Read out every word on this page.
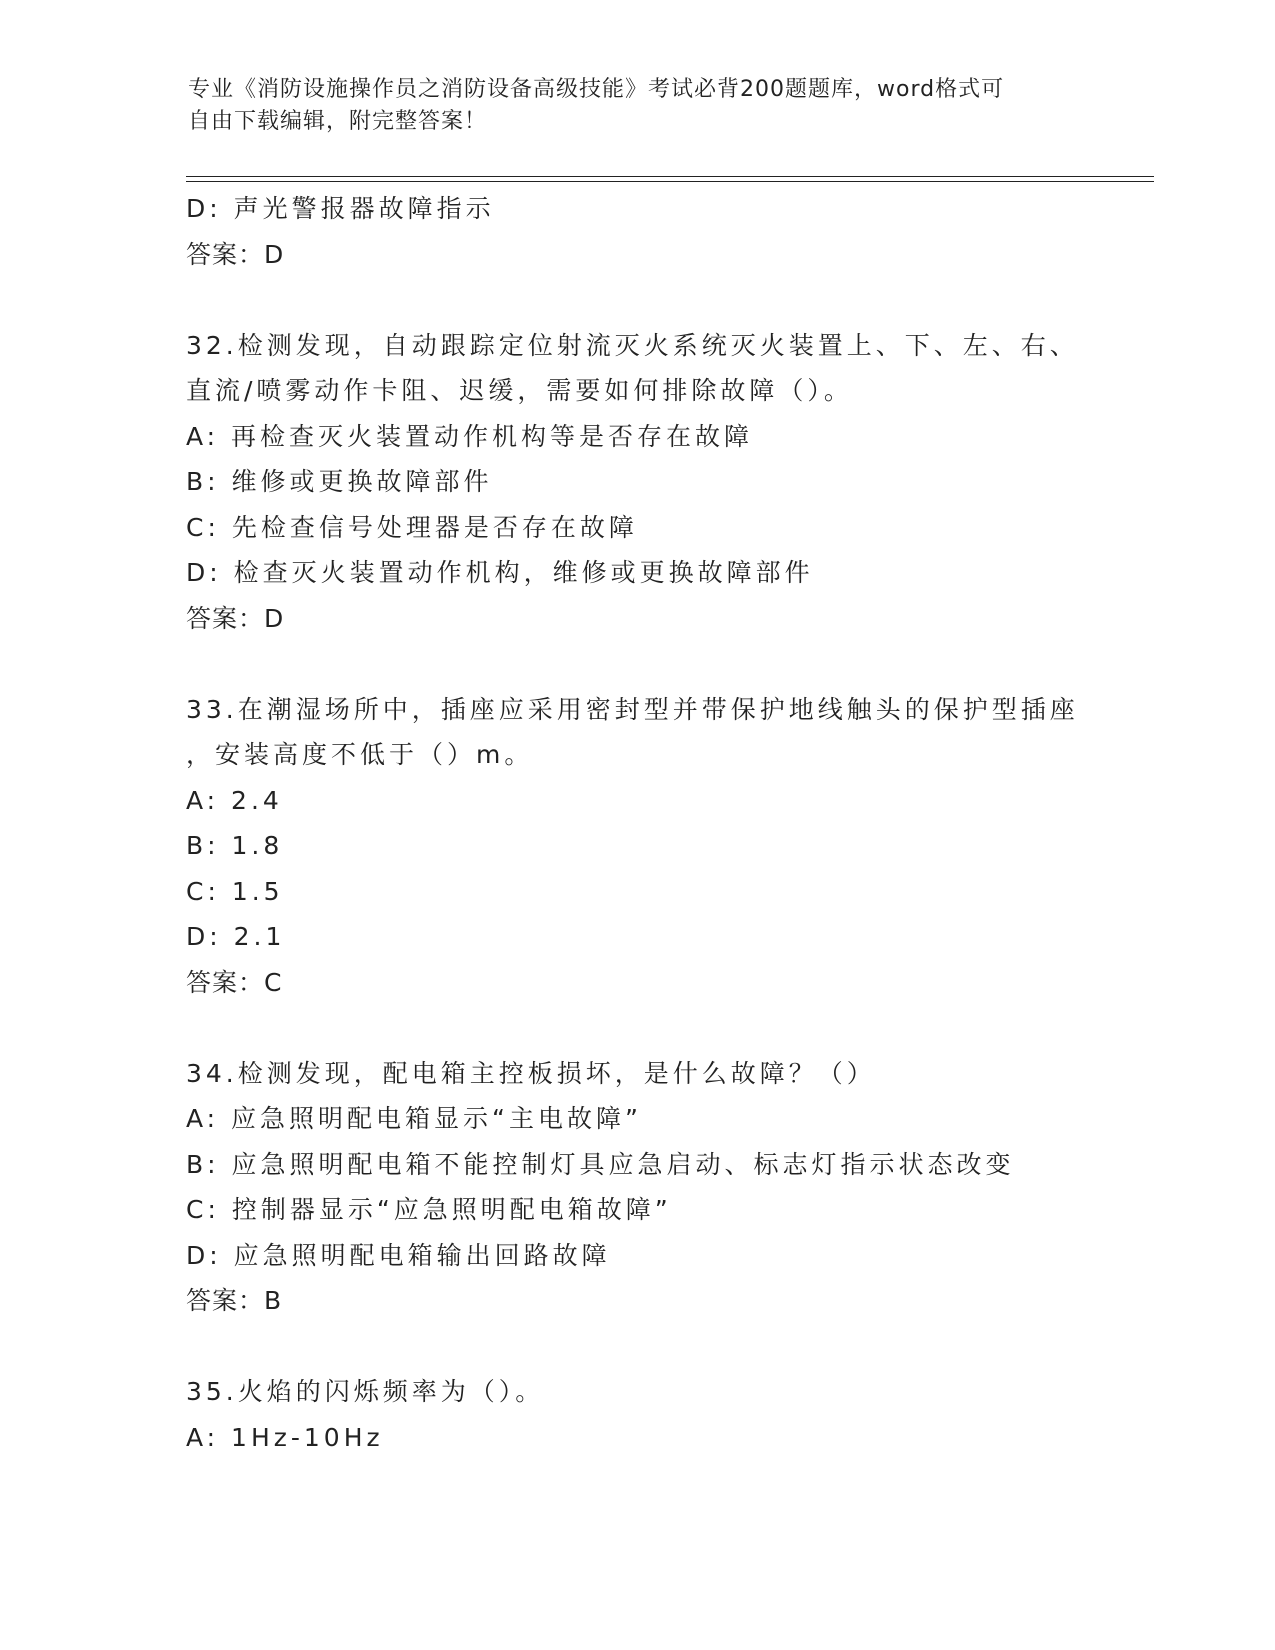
专业《消防设施操作员之消防设备高级技能》考试必背200题题库，word格式可
自由下载编辑，附完整答案！
D: 声光警报器故障指示
答案：D
32.检测发现，自动跟踪定位射流灭火系统灭火装置上、下、左、右、
直流/喷雾动作卡阻、迟缓，需要如何排除故障（）。
A: 再检查灭火装置动作机构等是否存在故障
B: 维修或更换故障部件
C: 先检查信号处理器是否存在故障
D: 检查灭火装置动作机构，维修或更换故障部件
答案：D
33.在潮湿场所中，插座应采用密封型并带保护地线触头的保护型插座
，安装高度不低于（）m。
A: 2.4
B: 1.8
C: 1.5
D: 2.1
答案：C
34.检测发现，配电箱主控板损坏，是什么故障？（）
A: 应急照明配电箱显示“主电故障”
B: 应急照明配电箱不能控制灯具应急启动、标志灯指示状态改变
C: 控制器显示“应急照明配电箱故障”
D: 应急照明配电箱输出回路故障
答案：B
35.火焰的闪烁频率为（）。
A: 1Hz-10Hz
